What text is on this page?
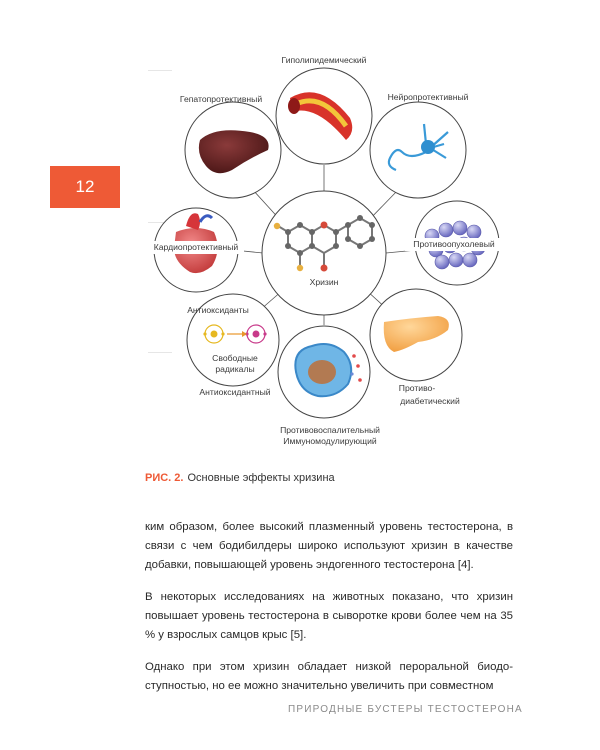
12
Хризин
Гиполипидемический
Гепатопротективный	Нейропротективный
Кардиопротективный	Противоопухолевый
Антиоксиданты
Свободные
радикалы
Антиоксидантный
Противовоспалительный
Иммуномодулирующий
Противо-
диабетический
РИС. 2. Основные эффекты хризина

ким образом, более высокий плазменный уровень тестостерона, в связи с чем бодибилдеры широко используют хризин в качестве добавки, повышающей уровень эндогенного тестостерона [4].

В некоторых исследованиях на животных показано, что хризин повышает уровень тестостерона в сыворотке крови более чем на 35 % у взрослых самцов крыс [5].

Однако при этом хризин обладает низкой пероральной биодо-ступностью, но ее можно значительно увеличить при совместном

ПРИРОДНЫЕ БУСТЕРЫ ТЕСТОСТЕРОНА
